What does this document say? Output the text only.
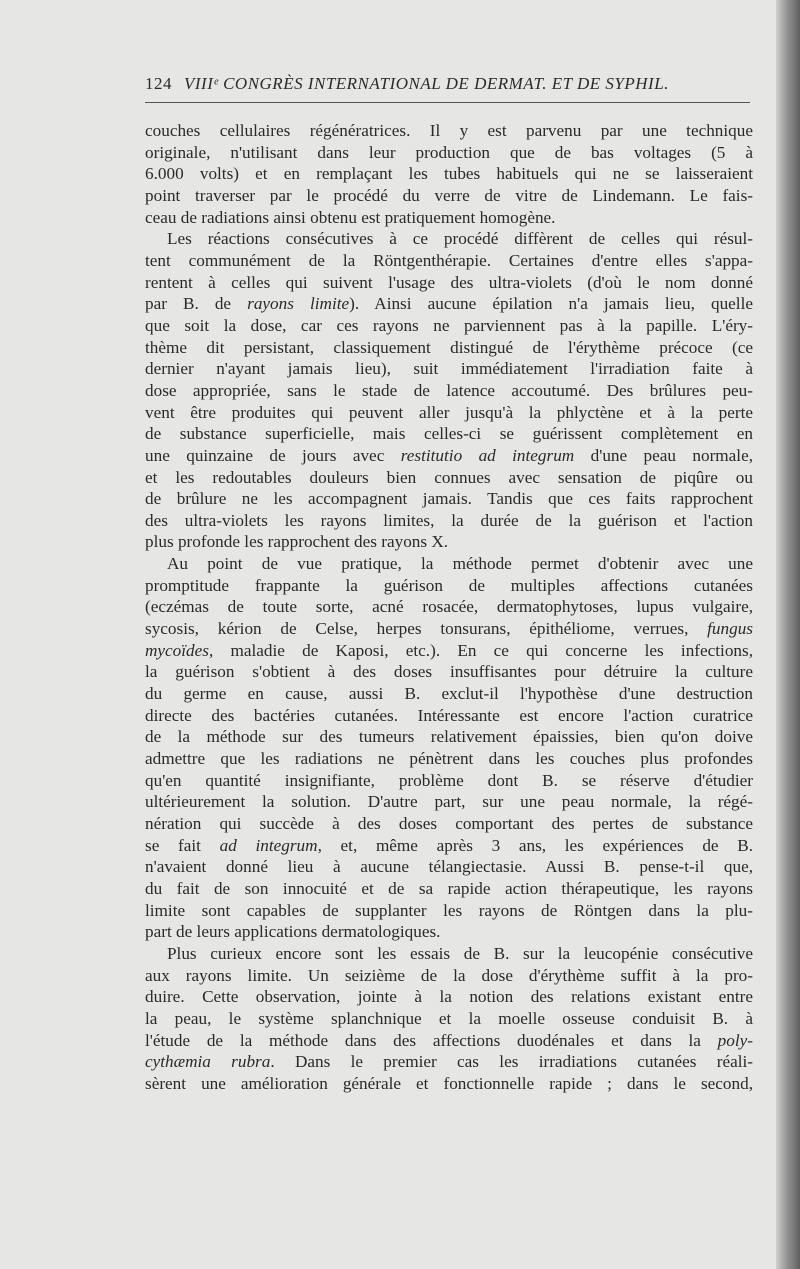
124 VIIIᵉ CONGRÈS INTERNATIONAL DE DERMAT. ET DE SYPHIL.

couches cellulaires régénératrices. Il y est parvenu par une technique

originale, n'utilisant dans leur production que de bas voltages (5 à

6.000 volts) et en remplaçant les tubes habituels qui ne se laisseraient

point traverser par le procédé du verre de vitre de Lindemann. Le fais-

ceau de radiations ainsi obtenu est pratiquement homogène.

Les réactions consécutives à ce procédé diffèrent de celles qui résul-

tent communément de la Röntgenthérapie. Certaines d'entre elles s'appa-

rentent à celles qui suivent l'usage des ultra-violets (d'où le nom donné

par B. de rayons limite). Ainsi aucune épilation n'a jamais lieu, quelle

que soit la dose, car ces rayons ne parviennent pas à la papille. L'éry-

thème dit persistant, classiquement distingué de l'érythème précoce (ce

dernier n'ayant jamais lieu), suit immédiatement l'irradiation faite à

dose appropriée, sans le stade de latence accoutumé. Des brûlures peu-

vent être produites qui peuvent aller jusqu'à la phlyctène et à la perte

de substance superficielle, mais celles-ci se guérissent complètement en

une quinzaine de jours avec restitutio ad integrum d'une peau normale,

et les redoutables douleurs bien connues avec sensation de piqûre ou

de brûlure ne les accompagnent jamais. Tandis que ces faits rapprochent

des ultra-violets les rayons limites, la durée de la guérison et l'action

plus profonde les rapprochent des rayons X.

Au point de vue pratique, la méthode permet d'obtenir avec une

promptitude frappante la guérison de multiples affections cutanées

(eczémas de toute sorte, acné rosacée, dermatophytoses, lupus vulgaire,

sycosis, kérion de Celse, herpes tonsurans, épithéliome, verrues, fungus

mycoïdes, maladie de Kaposi, etc.). En ce qui concerne les infections,

la guérison s'obtient à des doses insuffisantes pour détruire la culture

du germe en cause, aussi B. exclut-il l'hypothèse d'une destruction

directe des bactéries cutanées. Intéressante est encore l'action curatrice

de la méthode sur des tumeurs relativement épaissies, bien qu'on doive

admettre que les radiations ne pénètrent dans les couches plus profondes

qu'en quantité insignifiante, problème dont B. se réserve d'étudier

ultérieurement la solution. D'autre part, sur une peau normale, la régé-

nération qui succède à des doses comportant des pertes de substance

se fait ad integrum, et, même après 3 ans, les expériences de B.

n'avaient donné lieu à aucune télangiectasie. Aussi B. pense-t-il que,

du fait de son innocuité et de sa rapide action thérapeutique, les rayons

limite sont capables de supplanter les rayons de Röntgen dans la plu-

part de leurs applications dermatologiques.

Plus curieux encore sont les essais de B. sur la leucopénie consécutive

aux rayons limite. Un seizième de la dose d'érythème suffit à la pro-

duire. Cette observation, jointe à la notion des relations existant entre

la peau, le système splanchnique et la moelle osseuse conduisit B. à

l'étude de la méthode dans des affections duodénales et dans la poly-

cythæmia rubra. Dans le premier cas les irradiations cutanées réali-

sèrent une amélioration générale et fonctionnelle rapide ; dans le second,
